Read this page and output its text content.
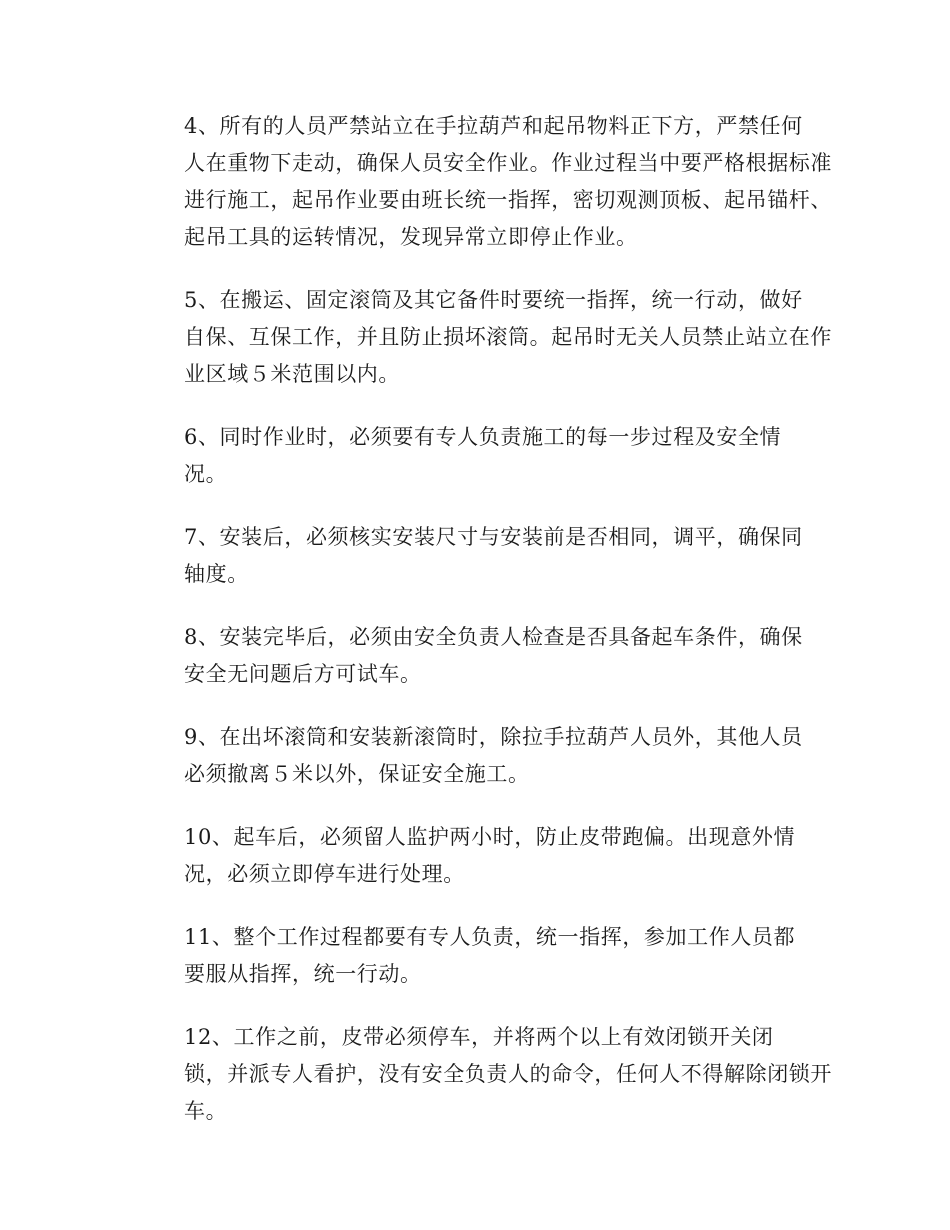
4、所有的人员严禁站立在手拉葫芦和起吊物料正下方，严禁任何
人在重物下走动，确保人员安全作业。作业过程当中要严格根据标准
进行施工，起吊作业要由班长统一指挥，密切观测顶板、起吊锚杆、
起吊工具的运转情况，发现异常立即停止作业。

5、在搬运、固定滚筒及其它备件时要统一指挥，统一行动，做好
自保、互保工作，并且防止损坏滚筒。起吊时无关人员禁止站立在作
业区域５米范围以内。

6、同时作业时，必须要有专人负责施工的每一步过程及安全情
况。

7、安装后，必须核实安装尺寸与安装前是否相同，调平，确保同
轴度。

8、安装完毕后，必须由安全负责人检查是否具备起车条件，确保
安全无问题后方可试车。

9、在出坏滚筒和安装新滚筒时，除拉手拉葫芦人员外，其他人员
必须撤离５米以外，保证安全施工。

10、起车后，必须留人监护两小时，防止皮带跑偏。出现意外情
况，必须立即停车进行处理。

11、整个工作过程都要有专人负责，统一指挥，参加工作人员都
要服从指挥，统一行动。

12、工作之前，皮带必须停车，并将两个以上有效闭锁开关闭
锁，并派专人看护，没有安全负责人的命令，任何人不得解除闭锁开
车。
